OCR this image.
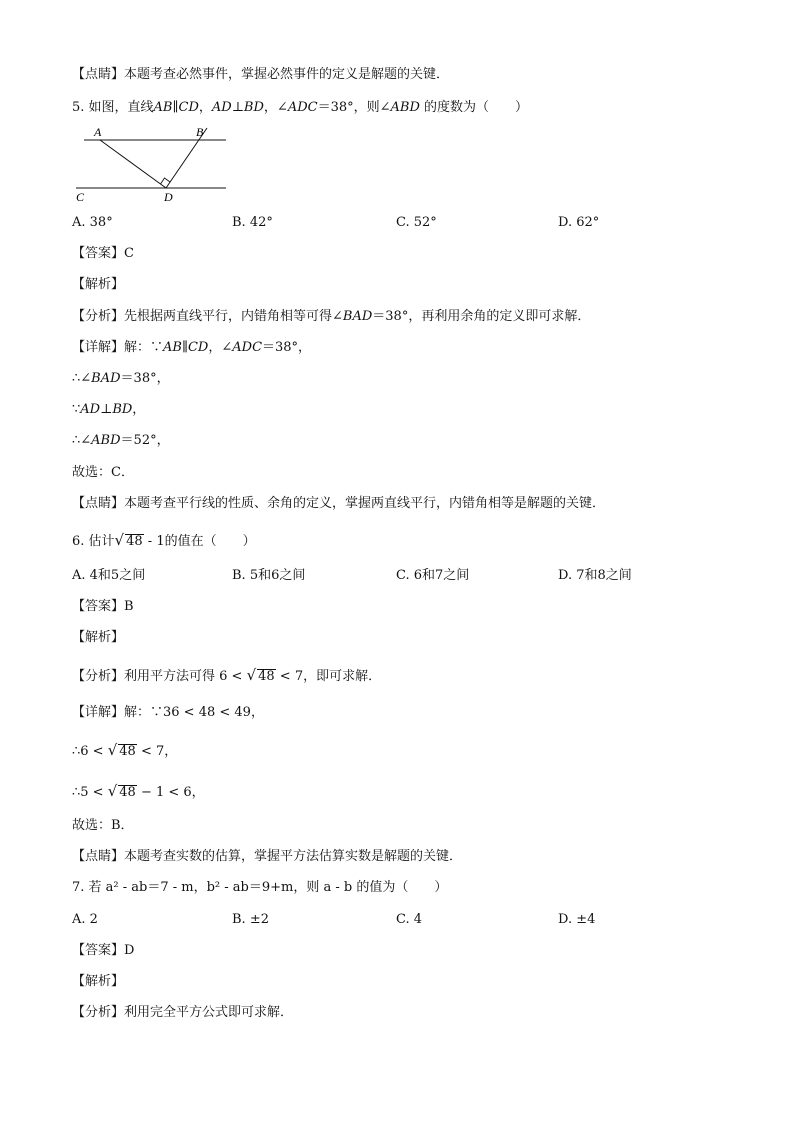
【点睛】本题考查必然事件，掌握必然事件的定义是解题的关键．
5. 如图，直线AB∥CD，AD⊥BD，∠ADC＝38°，则∠ABD 的度数为（　　）
A	B
C	D
A. 38°	B. 42°	C. 52°	D. 62°
【答案】C
【解析】
【分析】先根据两直线平行，内错角相等可得∠BAD＝38°，再利用余角的定义即可求解．
【详解】解：∵AB∥CD，∠ADC＝38°，
∴∠BAD＝38°，
∵AD⊥BD，
∴∠ABD＝52°，
故选：C．
【点睛】本题考查平行线的性质、余角的定义，掌握两直线平行，内错角相等是解题的关键．
6. 估计√ 48 - 1的值在（　　）
A. 4和5之间	B. 5和6之间	C. 6和7之间	D. 7和8之间
【答案】B
【解析】
【分析】利用平方法可得 6 < √ 48 < 7，即可求解．
【详解】解：∵36 < 48 < 49，
∴6 < √ 48 < 7，
∴5 < √ 48 − 1 < 6，
故选：B．
【点睛】本题考查实数的估算，掌握平方法估算实数是解题的关键．
7. 若 a² - ab＝7 - m，b² - ab＝9+m，则 a - b 的值为（　　）
A. 2	B. ±2	C. 4	D. ±4
【答案】D
【解析】
【分析】利用完全平方公式即可求解．
